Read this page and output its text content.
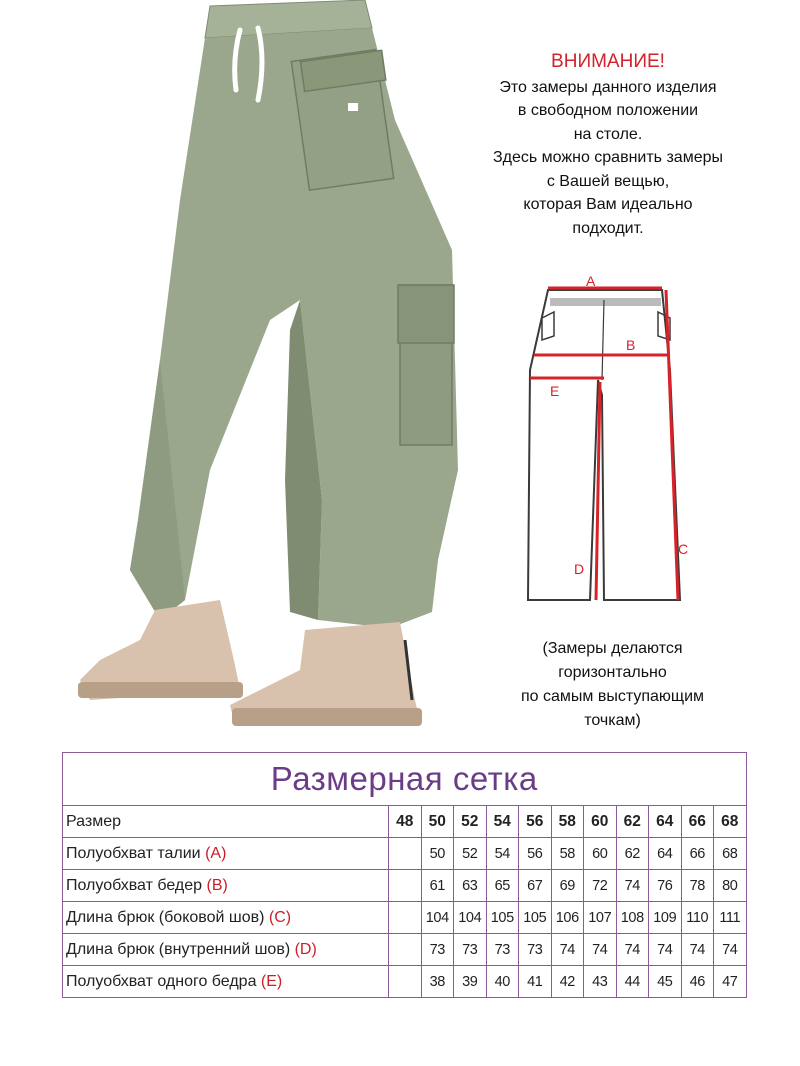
ВНИМАНИЕ!
Это замеры данного изделия
в свободном положении
на столе.
Здесь можно сравнить замеры
с Вашей вещью,
которая Вам идеально
подходит.
A
B
E
C
D
(Замеры делаются
горизонтально
по самым выступающим
точкам)
Размерная сетка											
Размер	48	50	52	54	56	58	60	62	64	66	68
Полуобхват талии (A)		50	52	54	56	58	60	62	64	66	68
Полуобхват бедер (B)		61	63	65	67	69	72	74	76	78	80
Длина брюк (боковой шов) (C)		104	104	105	105	106	107	108	109	110	111
Длина брюк (внутренний шов) (D)		73	73	73	73	74	74	74	74	74	74
Полуобхват одного бедра (E)		38	39	40	41	42	43	44	45	46	47
